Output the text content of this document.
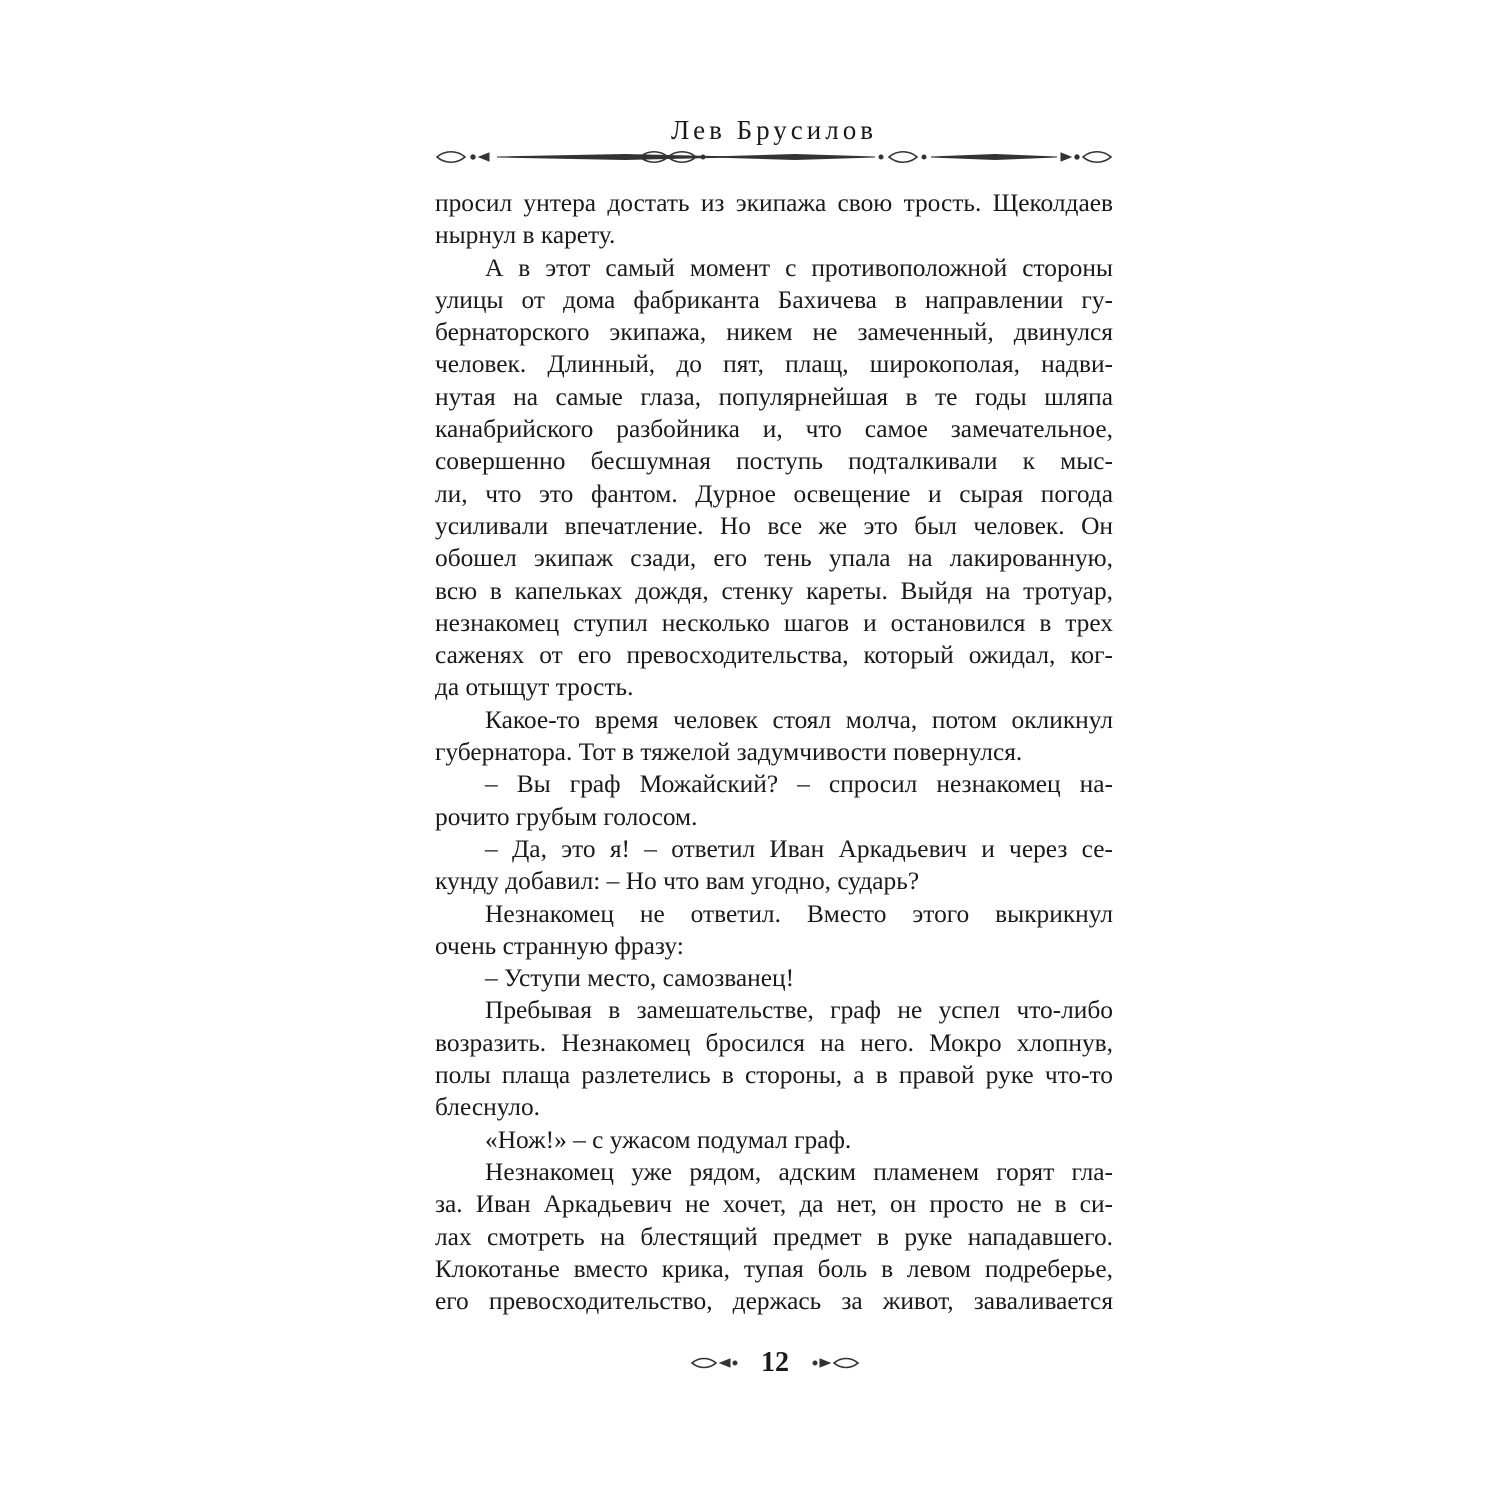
Лев Брусилов

просил унтера достать из экипажа свою трость. Щеколдаев
нырнул в карету.

А в этот самый момент с противоположной стороны

улицы от дома фабриканта Бахичева в направлении гу-
бернаторского экипажа, никем не замеченный, двинулся
человек. Длинный, до пят, плащ, широкополая, надви-
нутая на самые глаза, популярнейшая в те годы шляпа
канабрийского разбойника и, что самое замечательное,
совершенно бесшумная поступь подталкивали к мыс-
ли, что это фантом. Дурное освещение и сырая погода
усиливали впечатление. Но все же это был человек. Он
обошел экипаж сзади, его тень упала на лакированную,
всю в капельках дождя, стенку кареты. Выйдя на тротуар,
незнакомец ступил несколько шагов и остановился в трех
саженях от его превосходительства, который ожидал, ког-
да отыщут трость.

Какое-то время человек стоял молча, потом окликнул

губернатора. Тот в тяжелой задумчивости повернулся.

– Вы граф Можайский? – спросил незнакомец на-

рочито грубым голосом.

– Да, это я! – ответил Иван Аркадьевич и через се-

кунду добавил: – Но что вам угодно, сударь?

Незнакомец не ответил. Вместо этого выкрикнул

очень странную фразу:

– Уступи место, самозванец!

Пребывая в замешательстве, граф не успел что-либо

возразить. Незнакомец бросился на него. Мокро хлопнув,
полы плаща разлетелись в стороны, а в правой руке что-то
блеснуло.

«Нож!» – с ужасом подумал граф.

Незнакомец уже рядом, адским пламенем горят гла-

за. Иван Аркадьевич не хочет, да нет, он просто не в си-
лах смотреть на блестящий предмет в руке нападавшего.
Клокотанье вместо крика, тупая боль в левом подреберье,
его превосходительство, держась за живот, заваливается

12
